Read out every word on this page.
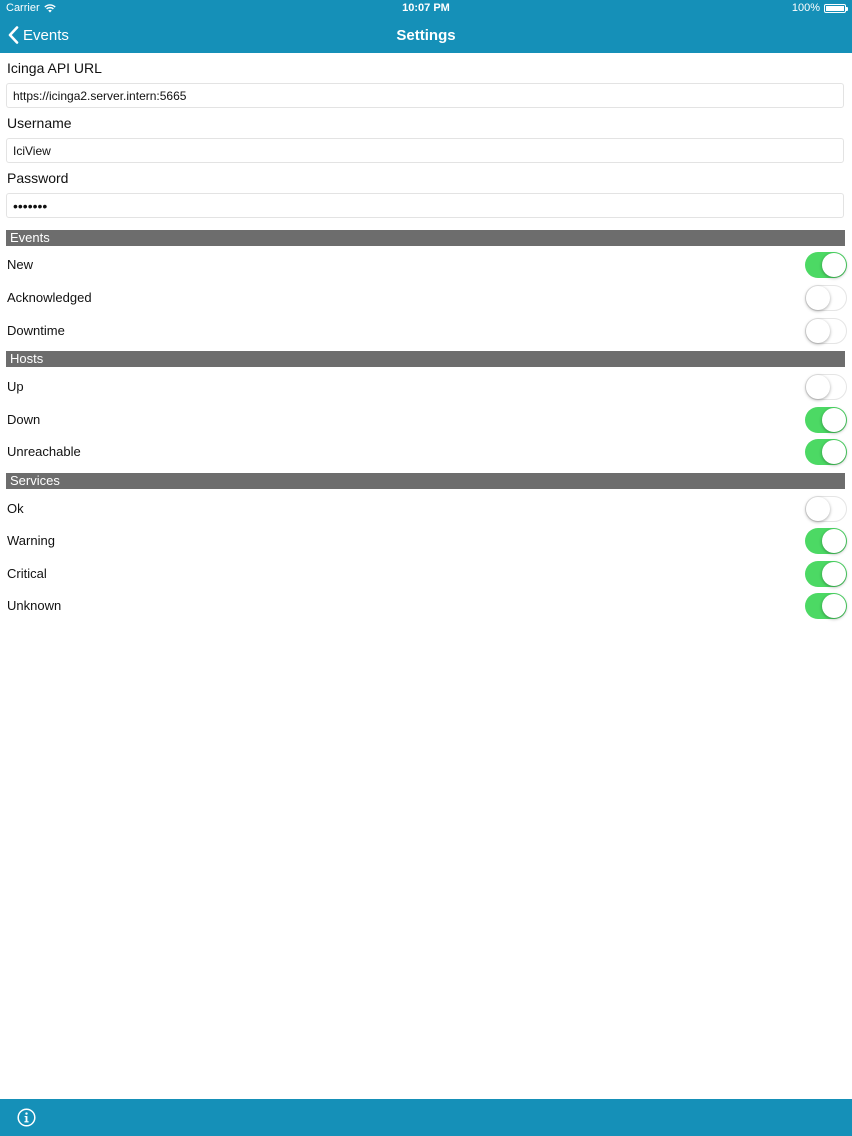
Carrier	10:07 PM	100%
Events	Settings
Icinga API URL
https://icinga2.server.intern:5665
Username
IciView
Password
•••••••
Events
New
Acknowledged
Downtime
Hosts
Up
Down
Unreachable
Services
Ok
Warning
Critical
Unknown
